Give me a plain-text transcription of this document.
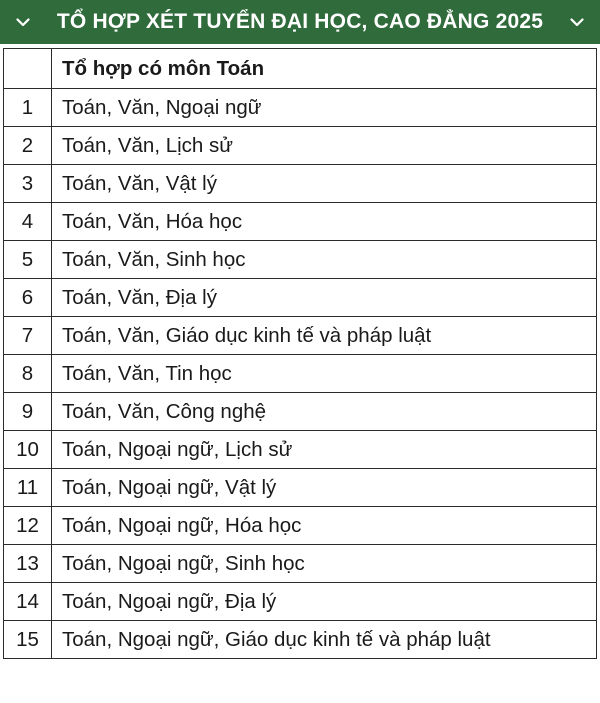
TỔ HỢP XÉT TUYỂN ĐẠI HỌC, CAO ĐẲNG 2025
	Tổ hợp có môn Toán
1	Toán, Văn, Ngoại ngữ
2	Toán, Văn, Lịch sử
3	Toán, Văn, Vật lý
4	Toán, Văn, Hóa học
5	Toán, Văn, Sinh học
6	Toán, Văn, Địa lý
7	Toán, Văn, Giáo dục kinh tế và pháp luật
8	Toán, Văn, Tin học
9	Toán, Văn, Công nghệ
10	Toán, Ngoại ngữ, Lịch sử
11	Toán, Ngoại ngữ, Vật lý
12	Toán, Ngoại ngữ, Hóa học
13	Toán, Ngoại ngữ, Sinh học
14	Toán, Ngoại ngữ, Địa lý
15	Toán, Ngoại ngữ, Giáo dục kinh tế và pháp luật
